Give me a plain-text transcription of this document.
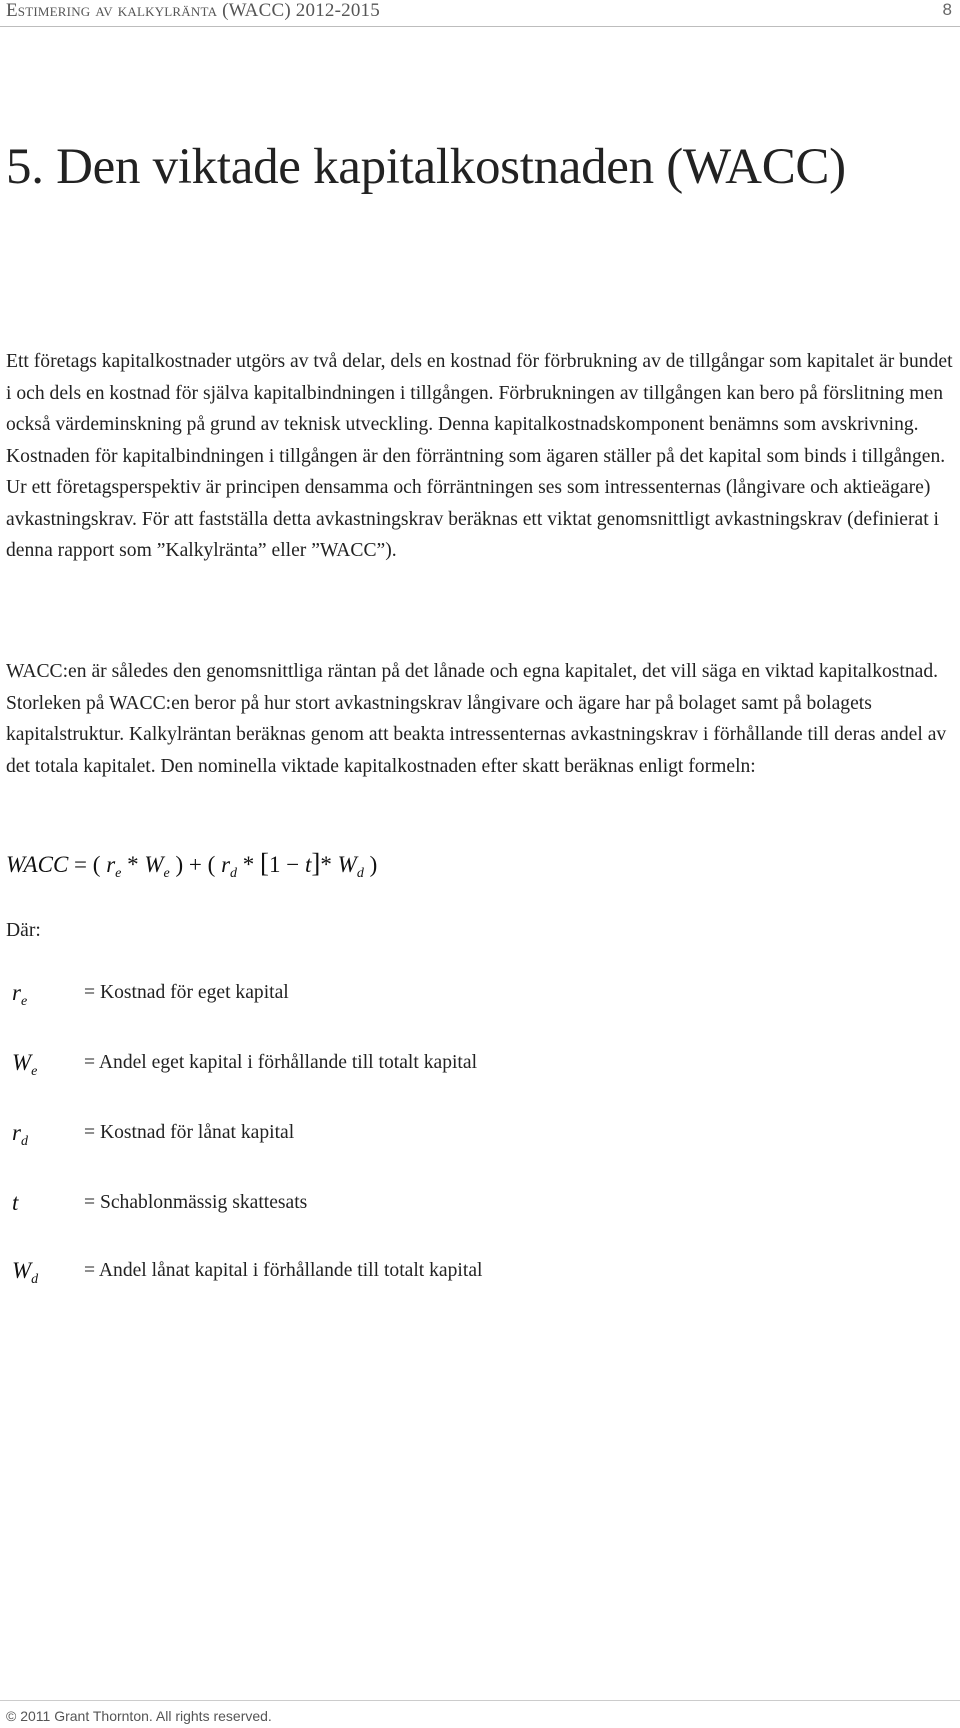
Estimering av kalkylränta (WACC) 2012-2015	8
5. Den viktade kapitalkostnaden (WACC)

Ett företags kapitalkostnader utgörs av två delar, dels en kostnad för förbrukning av de tillgångar som kapitalet är bundet i och dels en kostnad för själva kapitalbindningen i tillgången. Förbrukningen av tillgången kan bero på förslitning men också värdeminskning på grund av teknisk utveckling. Denna kapitalkostnadskomponent benämns som avskrivning. Kostnaden för kapitalbindningen i tillgången är den förräntning som ägaren ställer på det kapital som binds i tillgången. Ur ett företagsperspektiv är principen densamma och förräntningen ses som intressenternas (långivare och aktieägare) avkastningskrav. För att fastställa detta avkastningskrav beräknas ett viktat genomsnittligt avkastningskrav (definierat i denna rapport som ”Kalkylränta” eller ”WACC”).

WACC:en är således den genomsnittliga räntan på det lånade och egna kapitalet, det vill säga en viktad kapitalkostnad. Storleken på WACC:en beror på hur stort avkastningskrav långivare och ägare har på bolaget samt på bolagets kapitalstruktur. Kalkylräntan beräknas genom att beakta intressenternas avkastningskrav i förhållande till deras andel av det totala kapitalet. Den nominella viktade kapitalkostnaden efter skatt beräknas enligt formeln:

WACC = ( $r_e * W_e$ ) + ( $r_d * [1 - t]*$ $W_d$ )
Där:
$r_e$	= Kostnad för eget kapital
$W_e$ = Andel eget kapital i förhållande till totalt kapital
$r_d$	= Kostnad för lånat kapital
t	= Schablonmässig skattesats
$W_d$ = Andel lånat kapital i förhållande till totalt kapital
© 2011 Grant Thornton. All rights reserved.
